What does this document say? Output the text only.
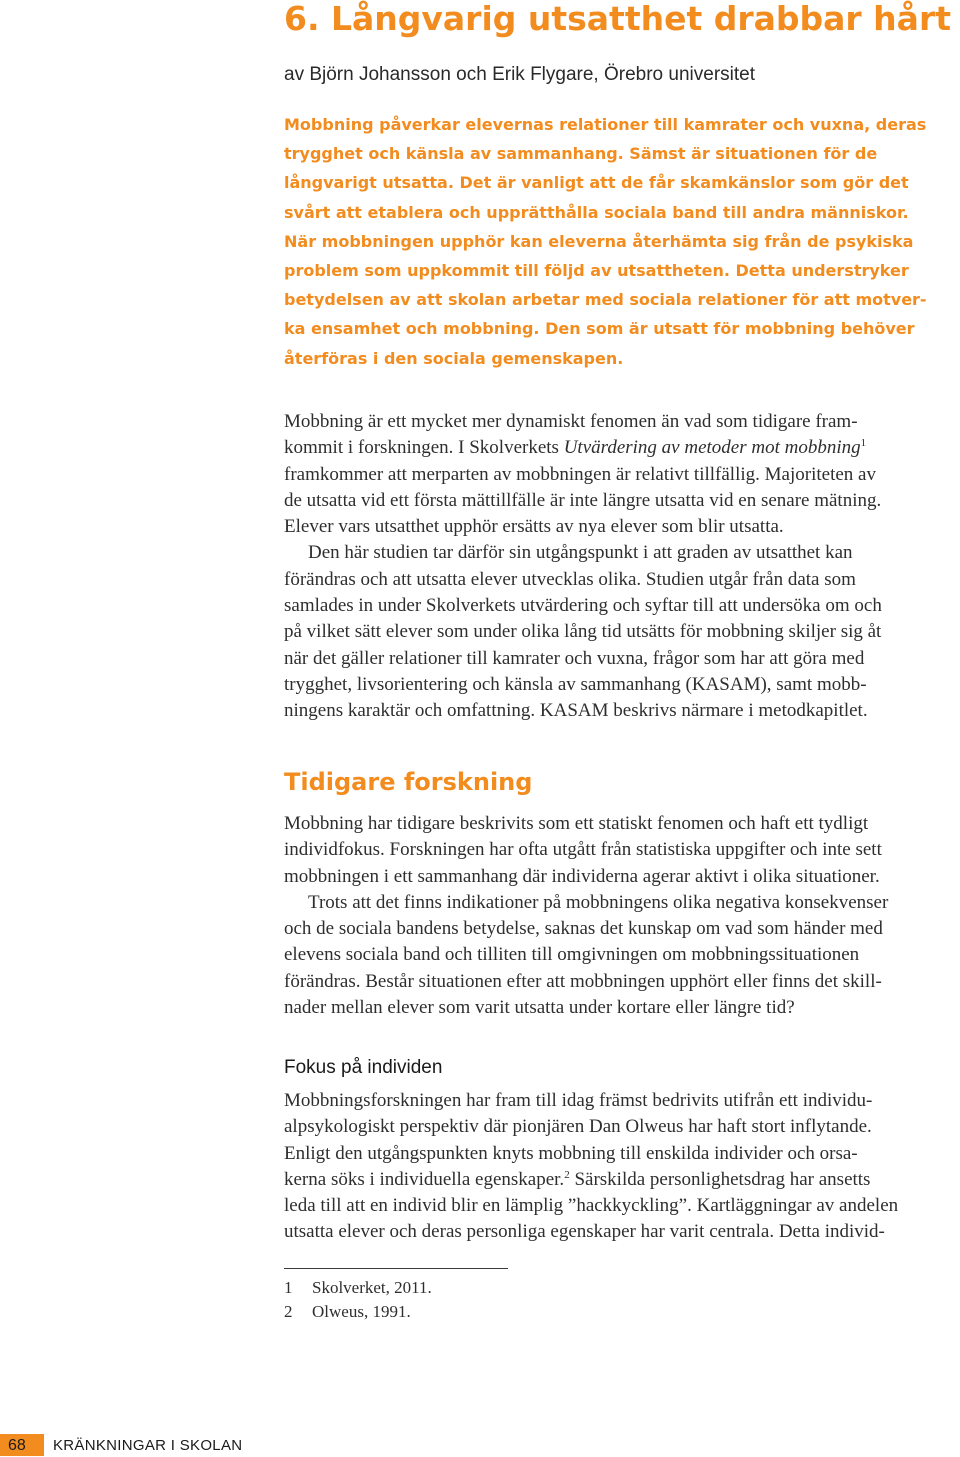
6. Långvarig utsatthet drabbar hårt
av Björn Johansson och Erik Flygare, Örebro universitet
Mobbning påverkar elevernas relationer till kamrater och vuxna, deras
trygghet och känsla av sammanhang. Sämst är situationen för de
långvarigt utsatta. Det är vanligt att de får skamkänslor som gör det
svårt att etablera och upprätthålla sociala band till andra människor.
När mobbningen upphör kan eleverna återhämta sig från de psykiska
problem som uppkommit till följd av utsattheten. Detta understryker
betydelsen av att skolan arbetar med sociala relationer för att motver-
ka ensamhet och mobbning. Den som är utsatt för mobbning behöver
återföras i den sociala gemenskapen.
Mobbning är ett mycket mer dynamiskt fenomen än vad som tidigare fram-
kommit i forskningen. I Skolverkets Utvärdering av metoder mot mobbning$^1$
framkommer att merparten av mobbningen är relativt tillfällig. Majoriteten av
de utsatta vid ett första mättillfälle är inte längre utsatta vid en senare mätning.
Elever vars utsatthet upphör ersätts av nya elever som blir utsatta.
Den här studien tar därför sin utgångspunkt i att graden av utsatthet kan
förändras och att utsatta elever utvecklas olika. Studien utgår från data som
samlades in under Skolverkets utvärdering och syftar till att undersöka om och
på vilket sätt elever som under olika lång tid utsätts för mobbning skiljer sig åt
när det gäller relationer till kamrater och vuxna, frågor som har att göra med
trygghet, livsorientering och känsla av sammanhang (KASAM), samt mobb-
ningens karaktär och omfattning. KASAM beskrivs närmare i metodkapitlet.
Tidigare forskning
Mobbning har tidigare beskrivits som ett statiskt fenomen och haft ett tydligt
individfokus. Forskningen har ofta utgått från statistiska uppgifter och inte sett
mobbningen i ett sammanhang där individerna agerar aktivt i olika situationer.
Trots att det finns indikationer på mobbningens olika negativa konsekvenser
och de sociala bandens betydelse, saknas det kunskap om vad som händer med
elevens sociala band och tilliten till omgivningen om mobbningssituationen
förändras. Består situationen efter att mobbningen upphört eller finns det skill-
nader mellan elever som varit utsatta under kortare eller längre tid?
Fokus på individen
Mobbningsforskningen har fram till idag främst bedrivits utifrån ett individu-
alpsykologiskt perspektiv där pionjären Dan Olweus har haft stort inflytande.
Enligt den utgångspunkten knyts mobbning till enskilda individer och orsa-
kerna söks i individuella egenskaper.$^2$ Särskilda personlighetsdrag har ansetts
leda till att en individ blir en lämplig ”hackkyckling”. Kartläggningar av andelen
utsatta elever och deras personliga egenskaper har varit centrala. Detta individ-
1 Skolverket, 2011.
2 Olweus, 1991.
68 KRÄNKNINGAR I SKOLAN
